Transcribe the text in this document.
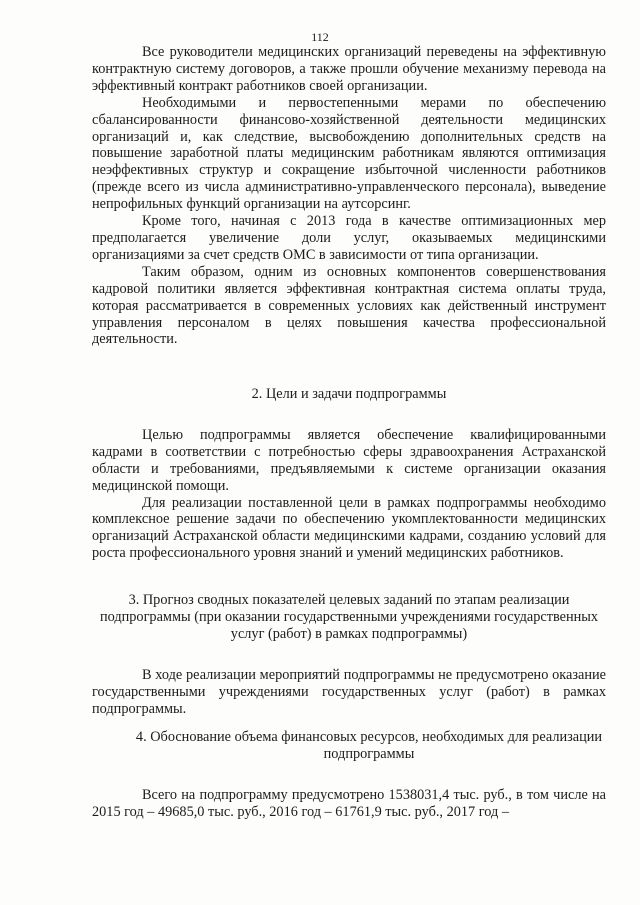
112

Все руководители медицинских организаций переведены на эффективную контрактную систему договоров, а также прошли обучение механизму перевода на эффективный контракт работников своей организации.

Необходимыми и первостепенными мерами по обеспечению сбалансированности финансово-хозяйственной деятельности медицинских организаций и, как следствие, высвобождению дополнительных средств на повышение заработной платы медицинским работникам являются оптимизация неэффективных структур и сокращение избыточной численности работников (прежде всего из числа административно-управленческого персонала), выведение непрофильных функций организации на аутсорсинг.

Кроме того, начиная с 2013 года в качестве оптимизационных мер предполагается увеличение доли услуг, оказываемых медицинскими организациями за счет средств ОМС в зависимости от типа организации.

Таким образом, одним из основных компонентов совершенствования кадровой политики является эффективная контрактная система оплаты труда, которая рассматривается в современных условиях как действенный инструмент управления персоналом в целях повышения качества профессиональной деятельности.

2. Цели и задачи подпрограммы

Целью подпрограммы является обеспечение квалифицированными кадрами в соответствии с потребностью сферы здравоохранения Астраханской области и требованиями, предъявляемыми к системе организации оказания медицинской помощи.

Для реализации поставленной цели в рамках подпрограммы необходимо комплексное решение задачи по обеспечению укомплектованности медицинских организаций Астраханской области медицинскими кадрами, созданию условий для роста профессионального уровня знаний и умений медицинских работников.

3. Прогноз сводных показателей целевых заданий по этапам реализации подпрограммы (при оказании государственными учреждениями государственных услуг (работ) в рамках подпрограммы)

В ходе реализации мероприятий подпрограммы не предусмотрено оказание государственными учреждениями государственных услуг (работ) в рамках подпрограммы.

4. Обоснование объема финансовых ресурсов, необходимых для реализации подпрограммы

Всего на подпрограмму предусмотрено 1538031,4 тыс. руб., в том числе на 2015 год – 49685,0 тыс. руб., 2016 год – 61761,9 тыс. руб., 2017 год –
